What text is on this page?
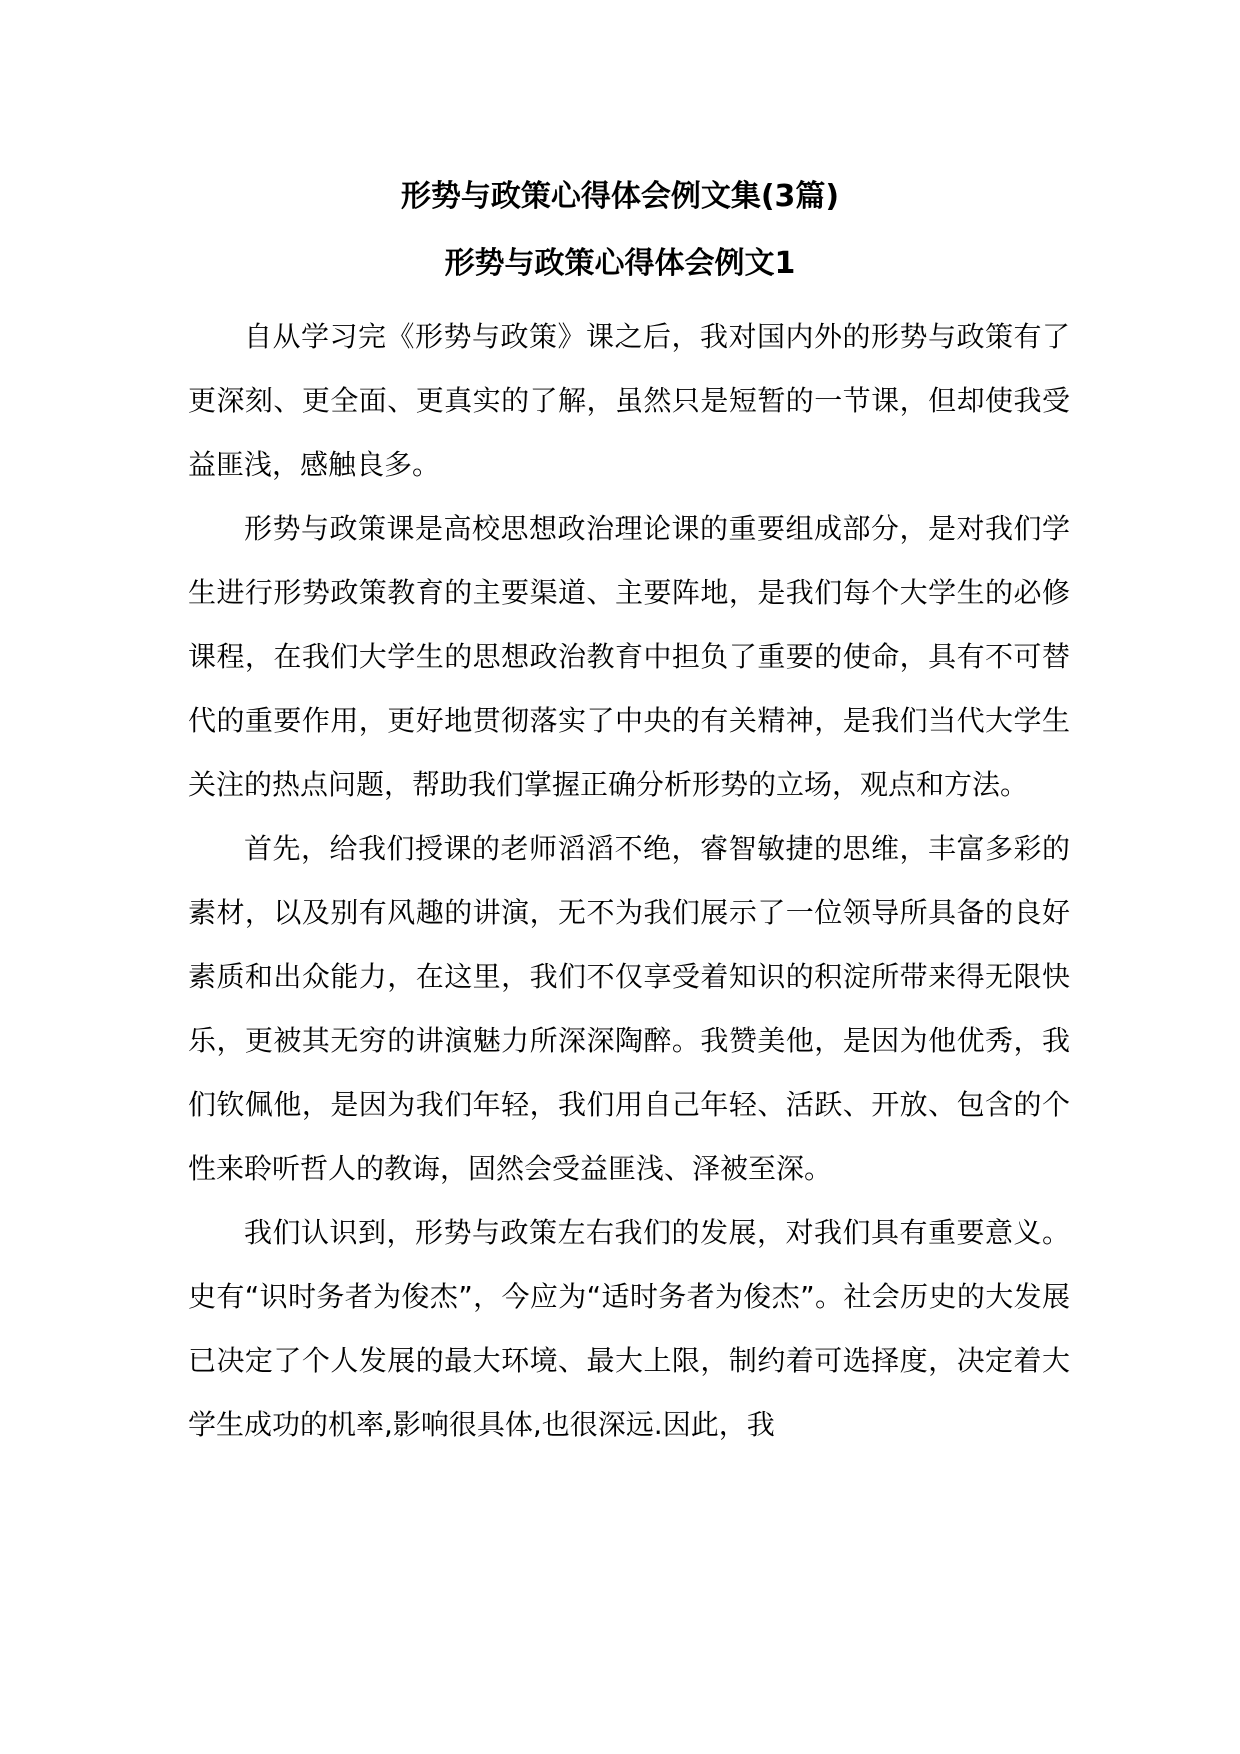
形势与政策心得体会例文集(3篇)
形势与政策心得体会例文1

自从学习完《形势与政策》课之后，我对国内外的形势与政策有了更深刻、更全面、更真实的了解，虽然只是短暂的一节课，但却使我受益匪浅，感触良多。

形势与政策课是高校思想政治理论课的重要组成部分，是对我们学生进行形势政策教育的主要渠道、主要阵地，是我们每个大学生的必修课程，在我们大学生的思想政治教育中担负了重要的使命，具有不可替代的重要作用，更好地贯彻落实了中央的有关精神，是我们当代大学生关注的热点问题，帮助我们掌握正确分析形势的立场，观点和方法。

首先，给我们授课的老师滔滔不绝，睿智敏捷的思维，丰富多彩的素材，以及别有风趣的讲演，无不为我们展示了一位领导所具备的良好素质和出众能力，在这里，我们不仅享受着知识的积淀所带来得无限快乐，更被其无穷的讲演魅力所深深陶醉。我赞美他，是因为他优秀，我们钦佩他，是因为我们年轻，我们用自己年轻、活跃、开放、包含的个性来聆听哲人的教诲，固然会受益匪浅、泽被至深。

我们认识到，形势与政策左右我们的发展，对我们具有重要意义。史有“识时务者为俊杰”，今应为“适时务者为俊杰”。社会历史的大发展已决定了个人发展的最大环境、最大上限，制约着可选择度，决定着大学生成功的机率,影响很具体,也很深远.因此，我
